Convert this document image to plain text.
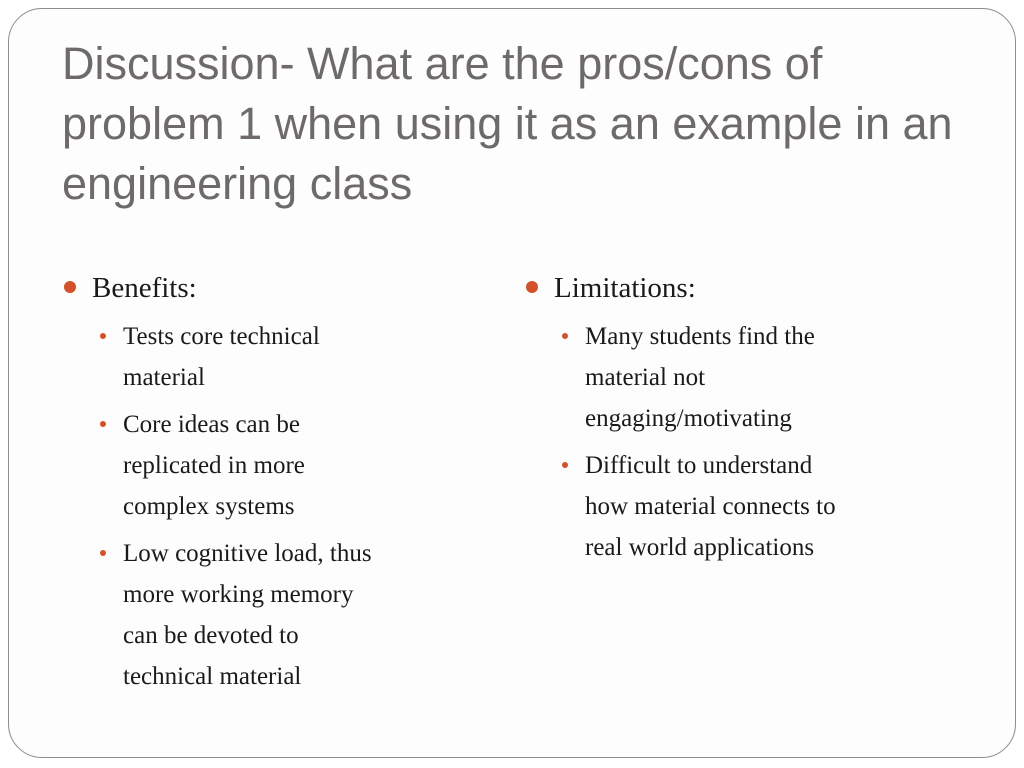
Discussion- What are the pros/cons of problem 1 when using it as an example in an engineering class
Benefits:
Tests core technical material
Core ideas can be replicated in more complex systems
Low cognitive load, thus more working memory can be devoted to technical material
Limitations:
Many students find the material not engaging/motivating
Difficult to understand how material connects to real world applications
